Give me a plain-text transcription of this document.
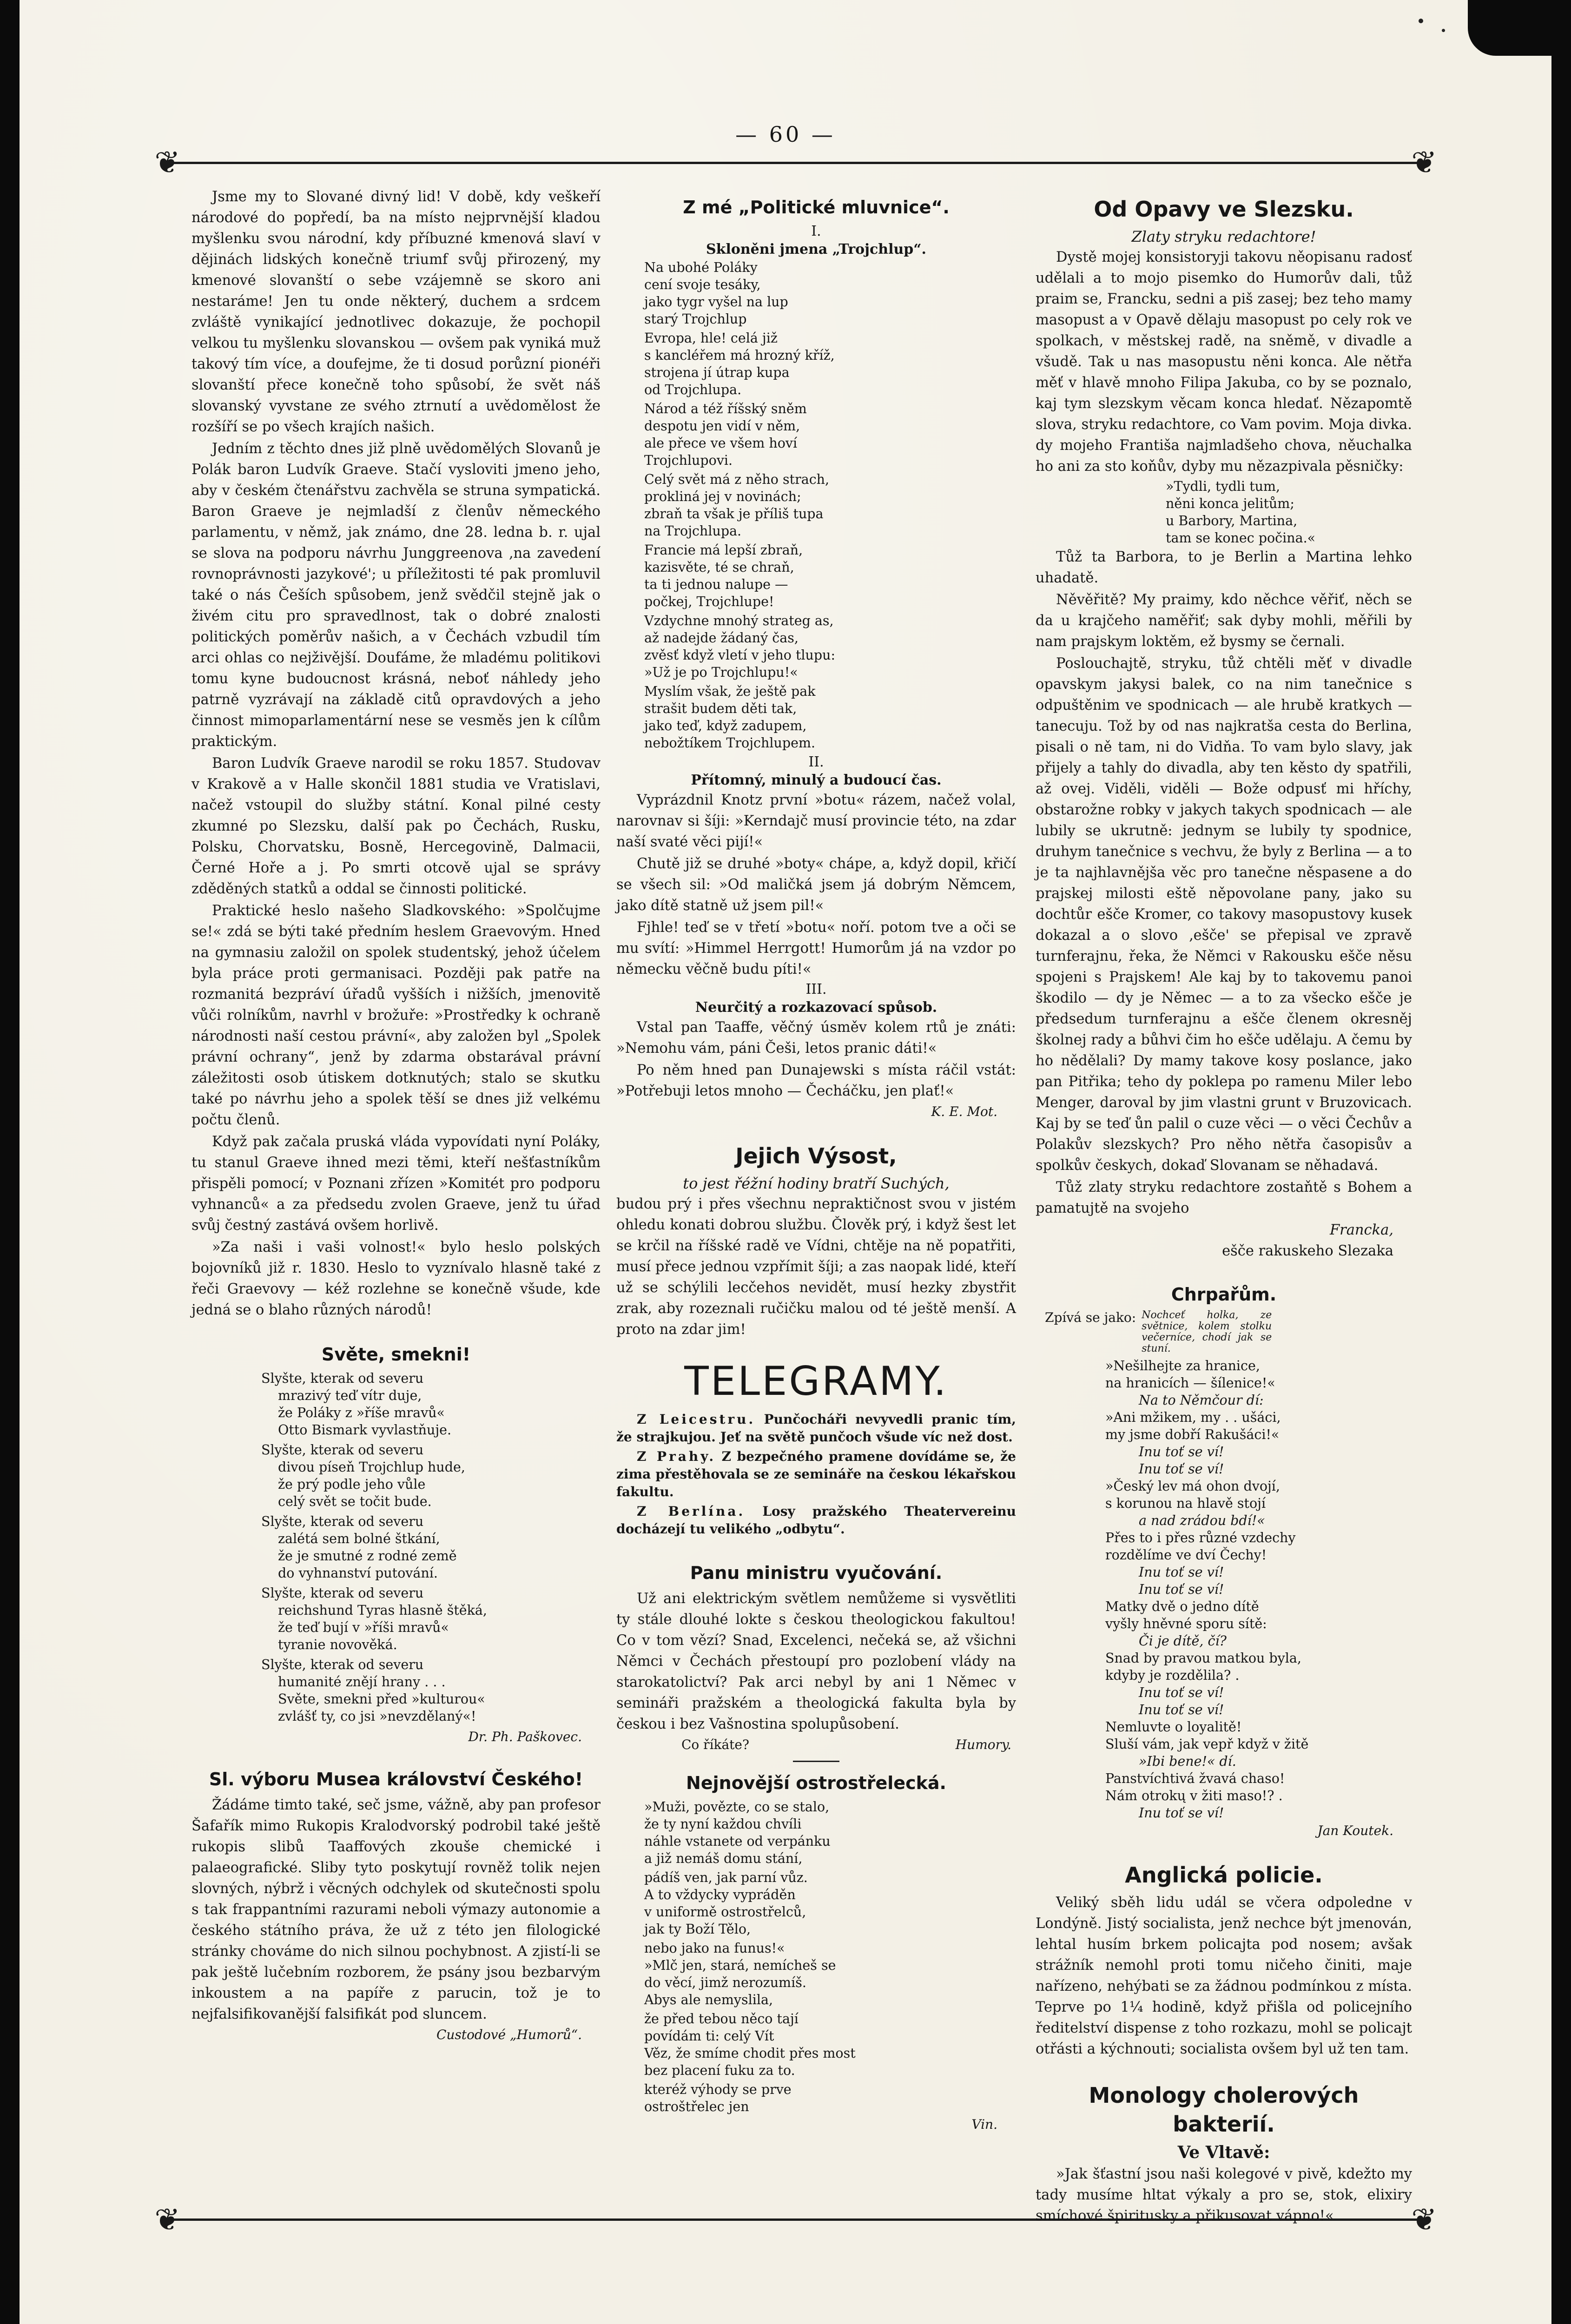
— 60 —
❦	❦
❦	❦
Jsme my to Slované divný lid! V době, kdy veškeří národové do popředí, ba na místo nejprvnější kladou myšlenku svou národní, kdy příbuzné kmenová slaví v dějinách lidských konečně triumf svůj přirozený, my kmenové slovanští o sebe vzájemně se skoro ani nestaráme! Jen tu onde některý, duchem a srdcem zvláště vynikající jednotlivec dokazuje, že pochopil velkou tu myšlenku slovanskou — ovšem pak vyniká muž takový tím více, a doufejme, že ti dosud porůzní pionéři slovanští přece konečně toho spůsobí, že svět náš slovanský vyvstane ze svého ztrnutí a uvědomělost že rozšíří se po všech krajích našich.
Jedním z těchto dnes již plně uvědomělých Slovanů je Polák baron Ludvík Graeve. Stačí vysloviti jmeno jeho, aby v českém čtenářstvu zachvěla se struna sympatická. Baron Graeve je nejmladší z členův německého parlamentu, v němž, jak známo, dne 28. ledna b. r. ujal se slova na podporu návrhu Junggreenova ‚na zavedení rovnoprávnosti jazykové'; u příležitosti té pak promluvil také o nás Češích spůsobem, jenž svědčil stejně jak o živém citu pro spravedlnost, tak o dobré znalosti politických poměrův našich, a v Čechách vzbudil tím arci ohlas co nejživější. Doufáme, že mladému politikovi tomu kyne budoucnost krásná, neboť náhledy jeho patrně vyzrávají na základě citů opravdových a jeho činnost mimoparlamentární nese se vesměs jen k cílům praktickým.
Baron Ludvík Graeve narodil se roku 1857. Studovav v Krakově a v Halle skončil 1881 studia ve Vratislavi, načež vstoupil do služby státní. Konal pilné cesty zkumné po Slezsku, další pak po Čechách, Rusku, Polsku, Chorvatsku, Bosně, Hercegovině, Dalmacii, Černé Hoře a j. Po smrti otcově ujal se správy zděděných statků a oddal se činnosti politické.
Praktické heslo našeho Sladkovského: »Spolčujme se!« zdá se býti také předním heslem Graevovým. Hned na gymnasiu založil on spolek studentský, jehož účelem byla práce proti germanisaci. Později pak patře na rozmanitá bezpráví úřadů vyšších i nižších, jmenovitě vůči rolníkům, navrhl v brožuře: »Prostředky k ochraně národnosti naší cestou právní«, aby založen byl „Spolek právní ochrany“, jenž by zdarma obstarával právní záležitosti osob útiskem dotknutých; stalo se skutku také po návrhu jeho a spolek těší se dnes již velkému počtu členů.
Když pak začala pruská vláda vypovídati nyní Poláky, tu stanul Graeve ihned mezi těmi, kteří nešťastníkům přispěli pomocí; v Poznani zřízen »Komitét pro podporu vyhnanců« a za předsedu zvolen Graeve, jenž tu úřad svůj čestný zastává ovšem horlivě.
»Za naši i vaši volnost!« bylo heslo polských bojovníků již r. 1830. Heslo to vyznívalo hlasně také z řeči Graevovy — kéž rozlehne se konečně všude, kde jedná se o blaho různých národů!
Světe, smekni!
Slyšte, kterak od severu
mrazivý teď vítr duje,
že Poláky z »říše mravů«
Otto Bismark vyvlastňuje.
Slyšte, kterak od severu
divou píseň Trojchlup hude,
že prý podle jeho vůle
celý svět se točit bude.
Slyšte, kterak od severu
zalétá sem bolné štkání,
že je smutné z rodné země
do vyhnanství putování.
Slyšte, kterak od severu
reichshund Tyras hlasně štěká,
že teď bují v »říši mravů«
tyranie novověká.
Slyšte, kterak od severu
humanité znějí hrany . . .
Světe, smekni před »kulturou«
zvlášť ty, co jsi »nevzdělaný«!
Dr. Ph. Paškovec.
Sl. výboru Musea království Českého!
Žádáme timto také, seč jsme, vážně, aby pan profesor Šafařík mimo Rukopis Kralodvorský podrobil také ještě rukopis slibů Taaffových zkouše chemické i palaeografické. Sliby tyto poskytují rovněž tolik nejen slovných, nýbrž i věcných odchylek od skutečnosti spolu s tak frappantními razurami neboli výmazy autonomie a českého státního práva, že už z této jen filologické stránky chováme do nich silnou pochybnost. A zjistí-li se pak ještě lučebním rozborem, že psány jsou bezbarvým inkoustem a na papíře z parucin, tož je to nejfalsifikovanější falsifikát pod sluncem.
Custodové „Humorů“.
Z mé „Politické mluvnice“.
I.
Skloněni jmena „Trojchlup“.
Na ubohé Poláky
cení svoje tesáky,
jako tygr vyšel na lup
starý Trojchlup
Evropa, hle! celá již
s kancléřem má hrozný kříž,
strojena jí útrap kupa
od Trojchlupa.
Národ a též říšský sněm
despotu jen vidí v něm,
ale přece ve všem hoví
Trojchlupovi.
Celý svět má z něho strach,
prokliná jej v novinách;
zbraň ta však je příliš tupa
na Trojchlupa.
Francie má lepší zbraň,
kazisvěte, té se chraň,
ta ti jednou nalupe —
počkej, Trojchlupe!
Vzdychne mnohý strateg as,
až nadejde žádaný čas,
zvěsť když vletí v jeho tlupu:
»Už je po Trojchlupu!«
Myslím však, že ještě pak
strašit budem děti tak,
jako teď, když zadupem,
nebožtíkem Trojchlupem.
II.
Přítomný, minulý a budoucí čas.
Vyprázdnil Knotz první »botu« rázem, načež volal, narovnav si šíji: »Kerndajč musí provincie této, na zdar naší svaté věci pijí!«
Chutě již se druhé »boty« chápe, a, když dopil, křičí se všech sil: »Od maličká jsem já dobrým Němcem, jako dítě statně už jsem pil!«
Fjhle! teď se v třetí »botu« noří. potom tve a oči se mu svítí: »Himmel Herrgott! Humorům já na vzdor po německu věčně budu píti!«
III.
Neurčitý a rozkazovací spůsob.
Vstal pan Taaffe, věčný úsměv kolem rtů je znáti: »Nemohu vám, páni Češi, letos pranic dáti!«
Po něm hned pan Dunajewski s místa ráčil vstát: »Potřebuji letos mnoho — Čecháčku, jen plať!«
K. E. Mot.
Jejich Výsost,
to jest řéžní hodiny bratří Suchých,
budou prý i přes všechnu nepraktičnost svou v jistém ohledu konati dobrou službu. Člověk prý, i když šest let se krčil na říšské radě ve Vídni, chtěje na ně popatřiti, musí přece jednou vzpřímit šíji; a zas naopak lidé, kteří už se schýlili lecčehos nevidět, musí hezky zbystřit zrak, aby rozeznali ručičku malou od té ještě menší. A proto na zdar jim!
TELEGRAMY.
Z Leicestru. Punčocháři nevyvedli pranic tím, že strajkujou. Jeť na světě punčoch všude víc než dost.
Z Prahy. Z bezpečného pramene dovídáme se, že zima přestěhovala se ze semináře na českou lékařskou fakultu.
Z Berlína. Losy pražského Theatervereinu docházejí tu velikého „odbytu“.
Panu ministru vyučování.
Už ani elektrickým světlem nemůžeme si vysvětliti ty stále dlouhé lokte s českou theologickou fakultou! Co v tom vězí? Snad, Excelenci, nečeká se, až všichni Němci v Čechách přestoupí pro pozlobení vlády na starokatolictví? Pak arci nebyl by ani 1 Němec v semináři pražském a theologická fakulta byla by českou i bez Vašnostina spolupůsobení.
Co říkáte?	Humory.
Nejnovější ostrostřelecká.
»Muži, povězte, co se stalo,
že ty nyní každou chvíli
náhle vstanete od verpánku
a již nemáš domu stání,
pádíš ven, jak parní vůz.
A to vždycky vypráděn
v uniformě ostrostřelců,
jak ty Boží Tělo,
nebo jako na funus!«
»Mlč jen, stará, nemícheš se
do věcí, jimž nerozumíš.
Abys ale nemyslila,
že před tebou něco tají
povídám ti: celý Vít
Věz, že smíme chodit přes most
bez placení fuku za to.
kteréž výhody se prve
ostroštřelec jen
Vin.
Od Opavy ve Slezsku.
Zlaty stryku redachtore!
Dystě mojej konsistoryji takovu něopisanu radosť udělali a to mojo pisemko do Humorův dali, tůž praim se, Francku, sedni a piš zasej; bez teho mamy masopust a v Opavě dělaju masopust po cely rok ve spolkach, v městskej radě, na sněmě, v divadle a všudě. Tak u nas masopustu něni konca. Ale nětřa měť v hlavě mnoho Filipa Jakuba, co by se poznalo, kaj tym slezskym věcam konca hledať. Nězapomtě slova, stryku redachtore, co Vam povim. Moja divka. dy mojeho Františa najmladšeho chova, něuchalka ho ani za sto koňův, dyby mu nězazpivala pěsničky:
»Tydli, tydli tum,
něni konca jelitům;
u Barbory, Martina,
tam se konec počina.«
Tůž ta Barbora, to je Berlin a Martina lehko uhadatě.
Něvěřitě? My praimy, kdo něchce věřiť, něch se da u krajčeho naměřiť; sak dyby mohli, měřili by nam prajskym loktěm, ež bysmy se černali.
Poslouchajtě, stryku, tůž chtěli měť v divadle opavskym jakysi balek, co na nim tanečnice s odpuštěnim ve spodnicach — ale hrubě kratkych — tanecuju. Tož by od nas najkratša cesta do Berlina, pisali o ně tam, ni do Vidňa. To vam bylo slavy, jak přijely a tahly do divadla, aby ten kěsto dy spatřili, až ovej. Viděli, viděli — Bože odpusť mi hříchy, obstarožne robky v jakych takych spodnicach — ale lubily se ukrutně: jednym se lubily ty spodnice, druhym tanečnice s vechvu, že byly z Berlina — a to je ta najhlavnějša věc pro tanečne něspasene a do prajskej milosti eště něpovolane pany, jako su dochtůr ešče Kromer, co takovy masopustovy kusek dokazal a o slovo ‚ešče' se přepisal ve zpravě turnferajnu, řeka, že Němci v Rakousku ešče něsu spojeni s Prajskem! Ale kaj by to takovemu panoi škodilo — dy je Němec — a to za všecko ešče je předsedum turnferajnu a ešče členem okresněj školnej rady a bůhvi čim ho ešče udělaju. A čemu by ho nědělali? Dy mamy takove kosy poslance, jako pan Pitřika; teho dy poklepa po ramenu Miler lebo Menger, daroval by jim vlastni grunt v Bruzovicach. Kaj by se teď ůn palil o cuze věci — o věci Čechův a Polakův slezskych? Pro něho nětřa časopisův a spolkův českych, dokaď Slovanam se něhadavá.
Tůž zlaty stryku redachtore zostaňtě s Bohem a pamatujtě na svojeho
Francka,
ešče rakuskeho Slezaka
Chrpařům.
Zpívá se jako: Nochceť holka, ze světnice, kolem stolku večerníce, chodí jak se stuní.
»Nešilhejte za hranice,
na hranicích — šílenice!«
Na to Němčour dí:
»Ani mžikem, my . . ušáci,
my jsme dobří Rakušáci!«
Inu toť se ví!
Inu toť se ví!
»Český lev má ohon dvojí,
s korunou na hlavě stojí
a nad zrádou bdí!«
Přes to i přes různé vzdechy
rozdělíme ve dví Čechy!
Inu toť se ví!
Inu toť se ví!
Matky dvě o jedno dítě
vyšly hněvné sporu sítě:
Či je dítě, čí?
Snad by pravou matkou byla,
kdyby je rozdělila? .
Inu toť se ví!
Inu toť se ví!
Nemluvte o loyalitě!
Sluší vám, jak vepř když v žitě
»Ibi bene!« dí.
Panstvíchtivá žvavá chaso!
Nám otrokų v žiti maso!? .
Inu toť se ví!
Jan Koutek.
Anglická policie.
Veliký sběh lidu udál se včera odpoledne v Londýně. Jistý socialista, jenž nechce být jmenován, lehtal husím brkem policajta pod nosem; avšak strážník nemohl proti tomu ničeho činiti, maje nařízeno, nehýbati se za žádnou podmínkou z místa. Teprve po 1¼ hodině, když přišla od policejního ředitelství dispense z toho rozkazu, mohl se policajt otřásti a kýchnouti; socialista ovšem byl už ten tam.
Monology cholerových bakterií.
Ve Vltavě:
»Jak šťastní jsou naši kolegové v pivě, kdežto my tady musíme hltat výkaly a pro se, stok, elixiry smíchové špiritusky a přikusovat vápno!«
